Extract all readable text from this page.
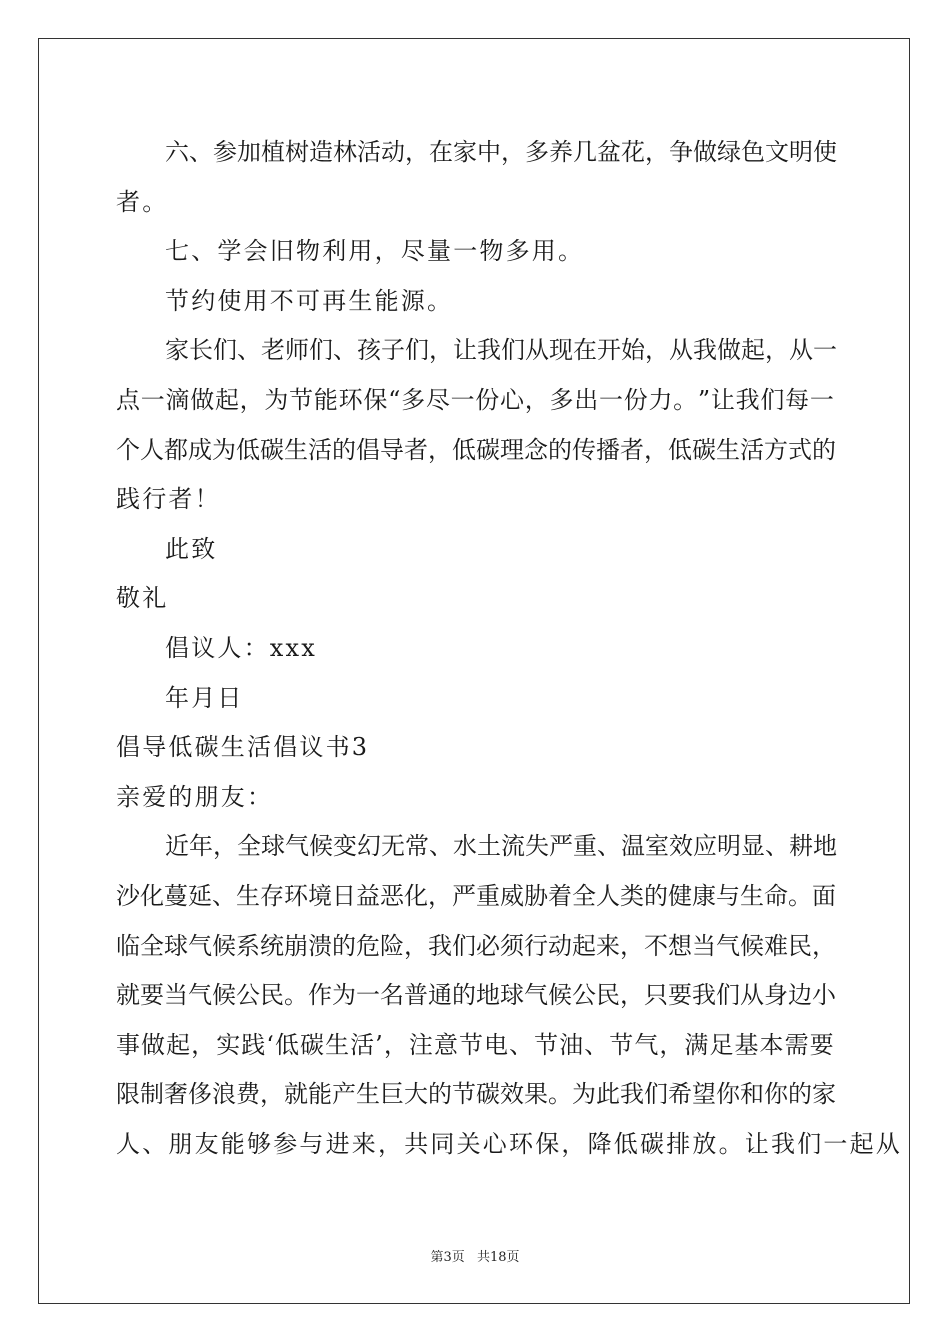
六 、 参 加 植 树 造 林 活 动 ， 在 家 中 ， 多 养 几 盆 花 ， 争 做 绿 色 文 明 使
者。
七、学会旧物利用，尽量一物多用。
节约使用不可再生能源。
家 长 们 、 老 师 们 、 孩 子 们 ， 让 我 们 从 现 在 开 始 ， 从 我 做 起 ， 从 一
点 一 滴 做 起 ， 为 节 能 环 保 “ 多 尽 一 份 心 ， 多 出 一 份 力 。 ” 让 我 们 每 一
个 人 都 成 为 低 碳 生 活 的 倡 导 者 ， 低 碳 理 念 的 传 播 者 ， 低 碳 生 活 方 式 的
践行者！
此致
敬礼
倡议人：xxx
年月日
倡导低碳生活倡议书3
亲爱的朋友：
近 年 ， 全 球 气 候 变 幻 无 常 、 水 土 流 失 严 重 、 温 室 效 应 明 显 、 耕 地
沙 化 蔓 延 、 生 存 环 境 日 益 恶 化 ， 严 重 威 胁 着 全 人 类 的 健 康 与 生 命 。 面
临 全 球 气 候 系 统 崩 溃 的 危 险 ， 我 们 必 须 行 动 起 来 ， 不 想 当 气 候 难 民 ，
就 要 当 气 候 公 民 。 作 为 一 名 普 通 的 地 球 气 候 公 民 ， 只 要 我 们 从 身 边 小
事 做 起 ， 实 践 ‘ 低 碳 生 活 ’ ， 注 意 节 电 、 节 油 、 节 气 ， 满 足 基 本 需 要
限 制 奢 侈 浪 费 ， 就 能 产 生 巨 大 的 节 碳 效 果 。 为 此 我 们 希 望 你 和 你 的 家
人、朋友能够参与进来，共同关心环保，降低碳排放。让我们一起从
第3页 共18页
